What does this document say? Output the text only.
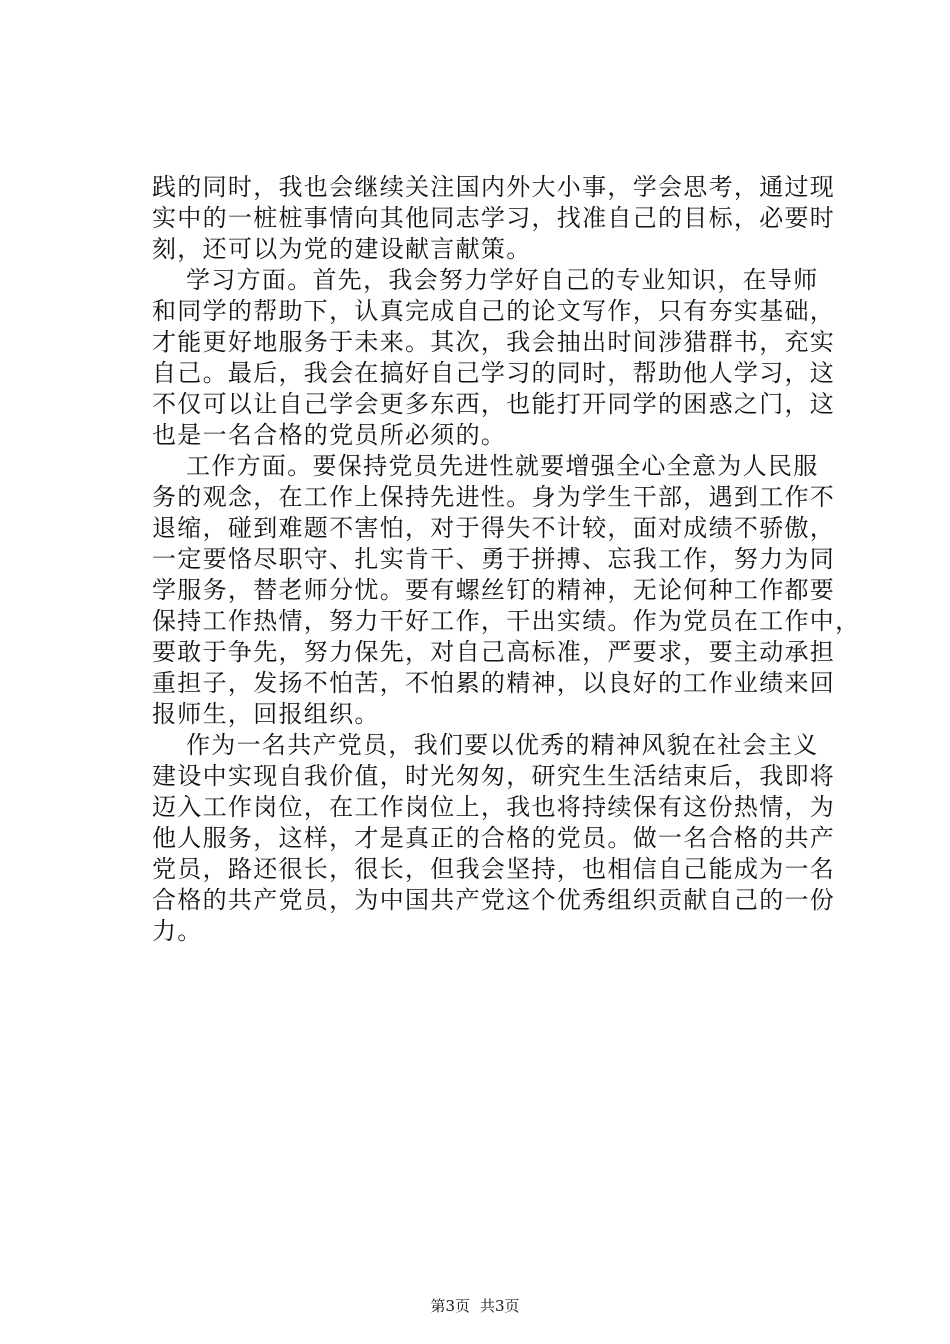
践的同时，我也会继续关注国内外大小事，学会思考，通过现
实中的一桩桩事情向其他同志学习，找准自己的目标，必要时
刻，还可以为党的建设献言献策。
学习方面。首先，我会努力学好自己的专业知识，在导师
和同学的帮助下，认真完成自己的论文写作，只有夯实基础，
才能更好地服务于未来。其次，我会抽出时间涉猎群书，充实
自己。最后，我会在搞好自己学习的同时，帮助他人学习，这
不仅可以让自己学会更多东西，也能打开同学的困惑之门，这
也是一名合格的党员所必须的。
工作方面。要保持党员先进性就要增强全心全意为人民服
务的观念，在工作上保持先进性。身为学生干部，遇到工作不
退缩，碰到难题不害怕，对于得失不计较，面对成绩不骄傲，
一定要恪尽职守、扎实肯干、勇于拼搏、忘我工作，努力为同
学服务，替老师分忧。要有螺丝钉的精神，无论何种工作都要
保持工作热情，努力干好工作，干出实绩。作为党员在工作中，
要敢于争先，努力保先，对自己高标准，严要求，要主动承担
重担子，发扬不怕苦，不怕累的精神，以良好的工作业绩来回
报师生，回报组织。
作为一名共产党员，我们要以优秀的精神风貌在社会主义
建设中实现自我价值，时光匆匆，研究生生活结束后，我即将
迈入工作岗位，在工作岗位上，我也将持续保有这份热情，为
他人服务，这样，才是真正的合格的党员。做一名合格的共产
党员，路还很长，很长，但我会坚持，也相信自己能成为一名
合格的共产党员，为中国共产党这个优秀组织贡献自己的一份
力。
第3页 共3页
